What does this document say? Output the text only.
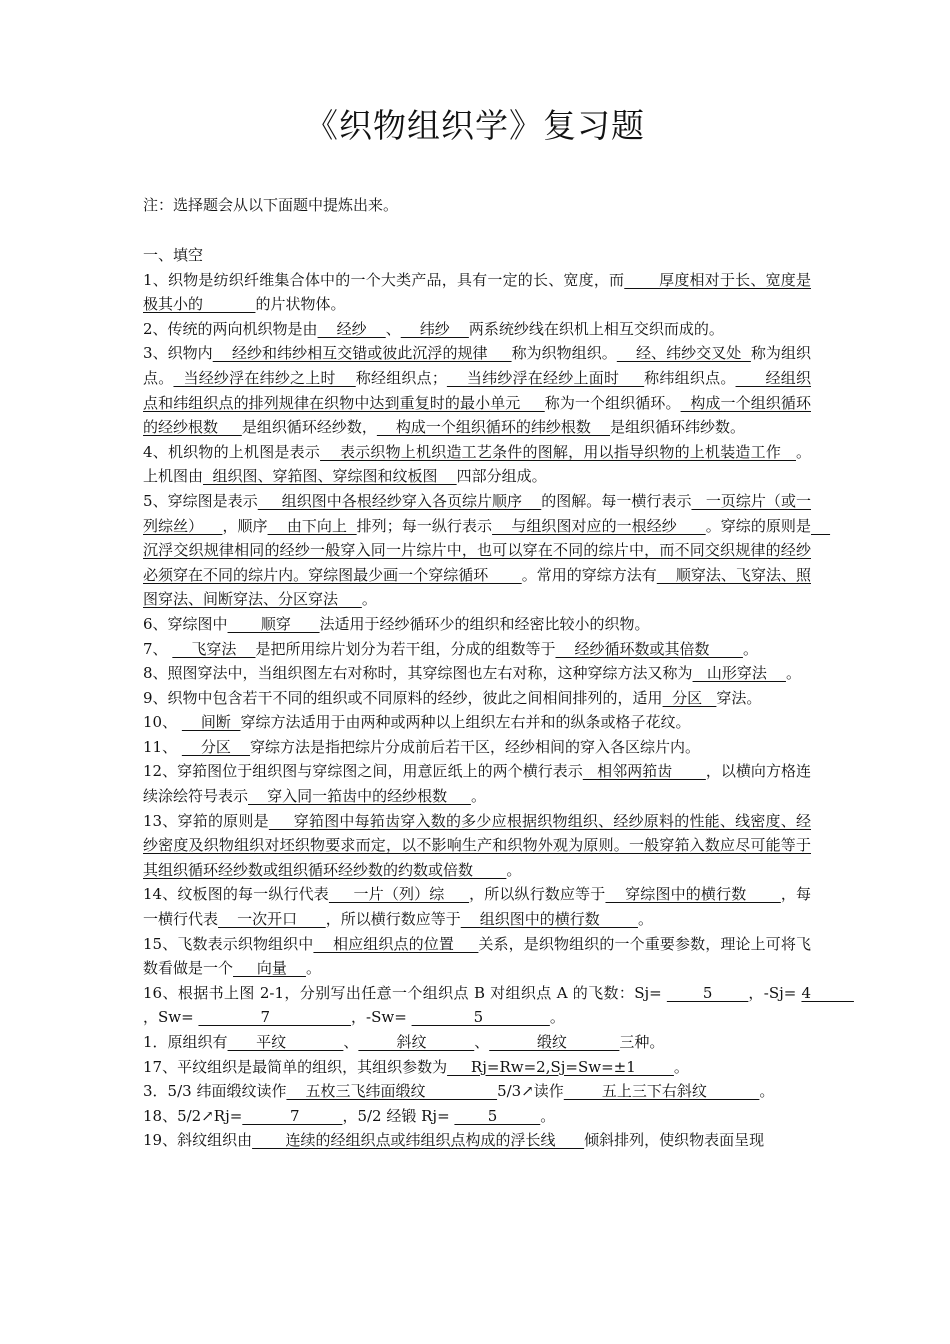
《织物组织学》复习题
注：选择题会从以下面题中提炼出来。

一、填空

1、织物是纺织纤维集合体中的一个大类产品，具有一定的长、宽度，而       厚度相对于长、宽度是极其小的           的片状物体。

2、传统的两向机织物是由    经纱    、    纬纱    两系统纱线在织机上相互交织而成的。

3、织物内    经纱和纬纱相互交错或彼此沉浮的规律     称为织物组织。    经、纬纱交叉处  称为组织点。  当经纱浮在纬纱之上时    称经组织点；    当纬纱浮在经纱上面时     称纬组织点。      经组织点和纬组织点的排列规律在织物中达到重复时的最小单元     称为一个组织循环。  构成一个组织循环的经纱根数     是组织循环经纱数，    构成一个组织循环的纬纱根数    是组织循环纬纱数。

4、机织物的上机图是表示    表示织物上机织造工艺条件的图解，用以指导织物的上机装造工作   。上机图由  组织图、穿筘图、穿综图和纹板图    四部分组成。

5、穿综图是表示     组织图中各根经纱穿入各页综片顺序    的图解。每一横行表示   一页综片（或一列综丝）    ，顺序    由下向上  排列；每一纵行表示    与组织图对应的一根经纱      。穿综的原则是    沉浮交织规律相同的经纱一般穿入同一片综片中，也可以穿在不同的综片中，而不同交织规律的经纱必须穿在不同的综片内。穿综图最少画一个穿综循环       。常用的穿综方法有    顺穿法、飞穿法、照图穿法、间断穿法、分区穿法     。

6、穿综图中       顺穿      法适用于经纱循环少的组织和经密比较小的织物。

7、     飞穿法    是把所用综片划分为若干组，分成的组数等于    经纱循环数或其倍数       。

8、照图穿法中，当组织图左右对称时，其穿综图也左右对称，这种穿综方法又称为   山形穿法    。

9、织物中包含若干不同的组织或不同原料的经纱，彼此之间相间排列的，适用  分区   穿法。

10、     间断  穿综方法适用于由两种或两种以上组织左右并和的纵条或格子花纹。

11、     分区    穿综方法是指把综片分成前后若干区，经纱相间的穿入各区综片内。

12、穿筘图位于组织图与穿综图之间，用意匠纸上的两个横行表示   相邻两筘齿       ，以横向方格连续涂绘符号表示    穿入同一筘齿中的经纱根数     。

13、穿筘的原则是     穿筘图中每筘齿穿入数的多少应根据织物组织、经纱原料的性能、线密度、经纱密度及织物组织对坯织物要求而定，以不影响生产和织物外观为原则。一般穿筘入数应尽可能等于其组织循环经纱数或组织循环经纱数的约数或倍数       。

14、纹板图的每一纵行代表     一片（列）综     ，所以纵行数应等于    穿综图中的横行数       ，每一横行代表    一次开口      ，所以横行数应等于    组织图中的横行数        。

15、飞数表示织物组织中    相应组织点的位置     关系，是织物组织的一个重要参数，理论上可将飞数看做是一个     向量    。

16、根据书上图 2-1，分别写出任意一个组织点 B 对组织点 A 的飞数：Sj=        5       ，-Sj= 4         ，Sw=              7                 ，-Sw=              5              。

1．原组织有      平纹            、        斜纹          、          缎纹           三种。

17、平纹组织是最简单的组织，其组织参数为     Rj=Rw=2,Sj=Sw=±1        。

3．5/3 纬面缎纹读作    五枚三飞纬面缎纹               5/3↗读作        五上三下右斜纹           。

18、5/2↗Rj=          7         ，5/2 经锻 Rj=        5         。

19、斜纹组织由       连续的经组织点或纬组织点构成的浮长线      倾斜排列，使织物表面呈现
